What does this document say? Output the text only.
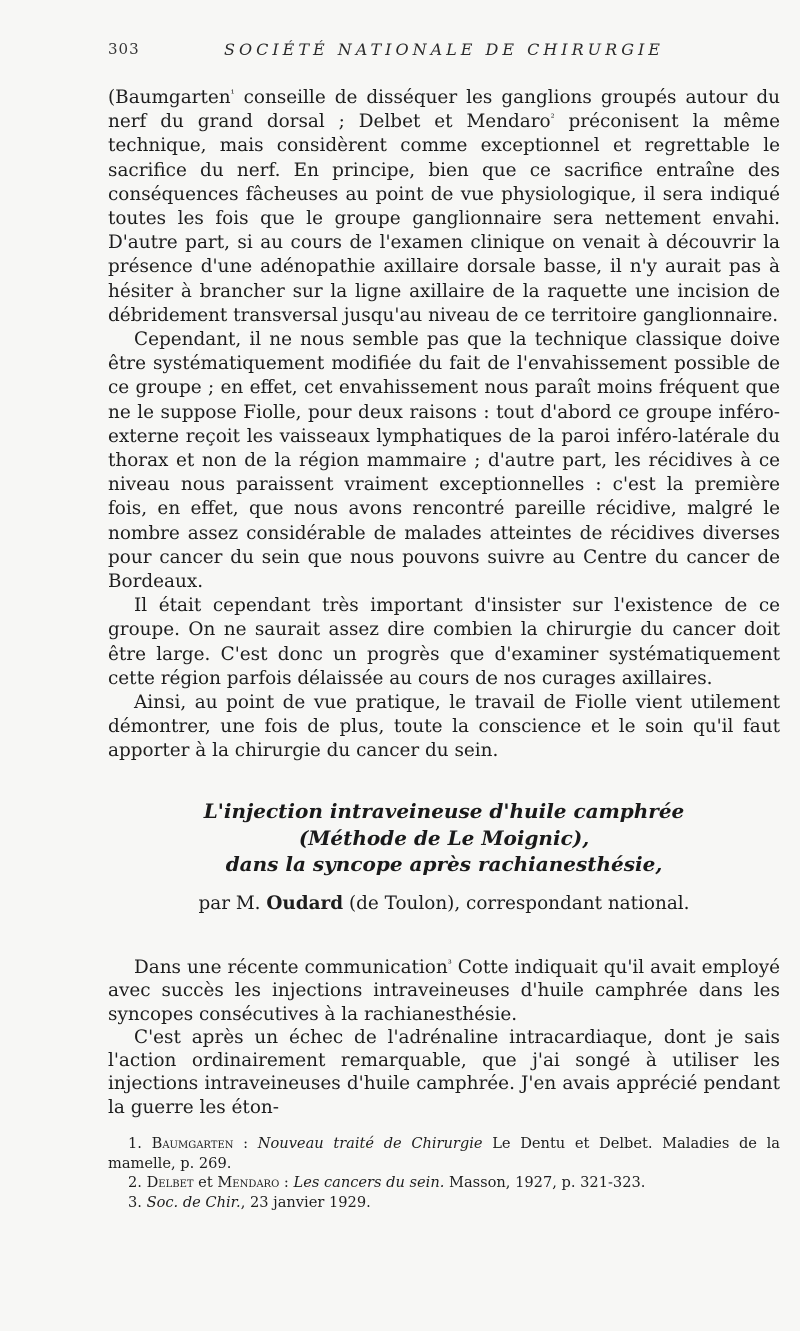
303	SOCIÉTÉ NATIONALE DE CHIRURGIE

(Baumgarten$^{^1}$ conseille de disséquer les ganglions groupés autour du nerf du grand dorsal ; Delbet et Mendaro$^{^2}$ préconisent la même technique, mais considèrent comme exceptionnel et regrettable le sacrifice du nerf. En principe, bien que ce sacrifice entraîne des conséquences fâcheuses au point de vue physiologique, il sera indiqué toutes les fois que le groupe ganglionnaire sera nettement envahi. D'autre part, si au cours de l'examen clinique on venait à découvrir la présence d'une adénopathie axillaire dorsale basse, il n'y aurait pas à hésiter à brancher sur la ligne axillaire de la raquette une incision de débridement transversal jusqu'au niveau de ce territoire ganglionnaire.

Cependant, il ne nous semble pas que la technique classique doive être systématiquement modifiée du fait de l'envahissement possible de ce groupe ; en effet, cet envahissement nous paraît moins fréquent que ne le suppose Fiolle, pour deux raisons : tout d'abord ce groupe inféro-externe reçoit les vaisseaux lymphatiques de la paroi inféro-latérale du thorax et non de la région mammaire ; d'autre part, les récidives à ce niveau nous paraissent vraiment exceptionnelles : c'est la première fois, en effet, que nous avons rencontré pareille récidive, malgré le nombre assez considérable de malades atteintes de récidives diverses pour cancer du sein que nous pouvons suivre au Centre du cancer de Bordeaux.

Il était cependant très important d'insister sur l'existence de ce groupe. On ne saurait assez dire combien la chirurgie du cancer doit être large. C'est donc un progrès que d'examiner systématiquement cette région parfois délaissée au cours de nos curages axillaires.

Ainsi, au point de vue pratique, le travail de Fiolle vient utilement démontrer, une fois de plus, toute la conscience et le soin qu'il faut apporter à la chirurgie du cancer du sein.

L'injection intraveineuse d'huile camphrée
(Méthode de Le Moignic),
dans la syncope après rachianesthésie,
par M. Oudard (de Toulon), correspondant national.

Dans une récente communication$^{^3}$ Cotte indiquait qu'il avait employé avec succès les injections intraveineuses d'huile camphrée dans les syncopes consécutives à la rachianesthésie.

C'est après un échec de l'adrénaline intracardiaque, dont je sais l'action ordinairement remarquable, que j'ai songé à utiliser les injections intraveineuses d'huile camphrée. J'en avais apprécié pendant la guerre les éton-

1. Baumgarten : Nouveau traité de Chirurgie Le Dentu et Delbet. Maladies de la mamelle, p. 269.

2. Delbet et Mendaro : Les cancers du sein. Masson, 1927, p. 321-323.

3. Soc. de Chir., 23 janvier 1929.
